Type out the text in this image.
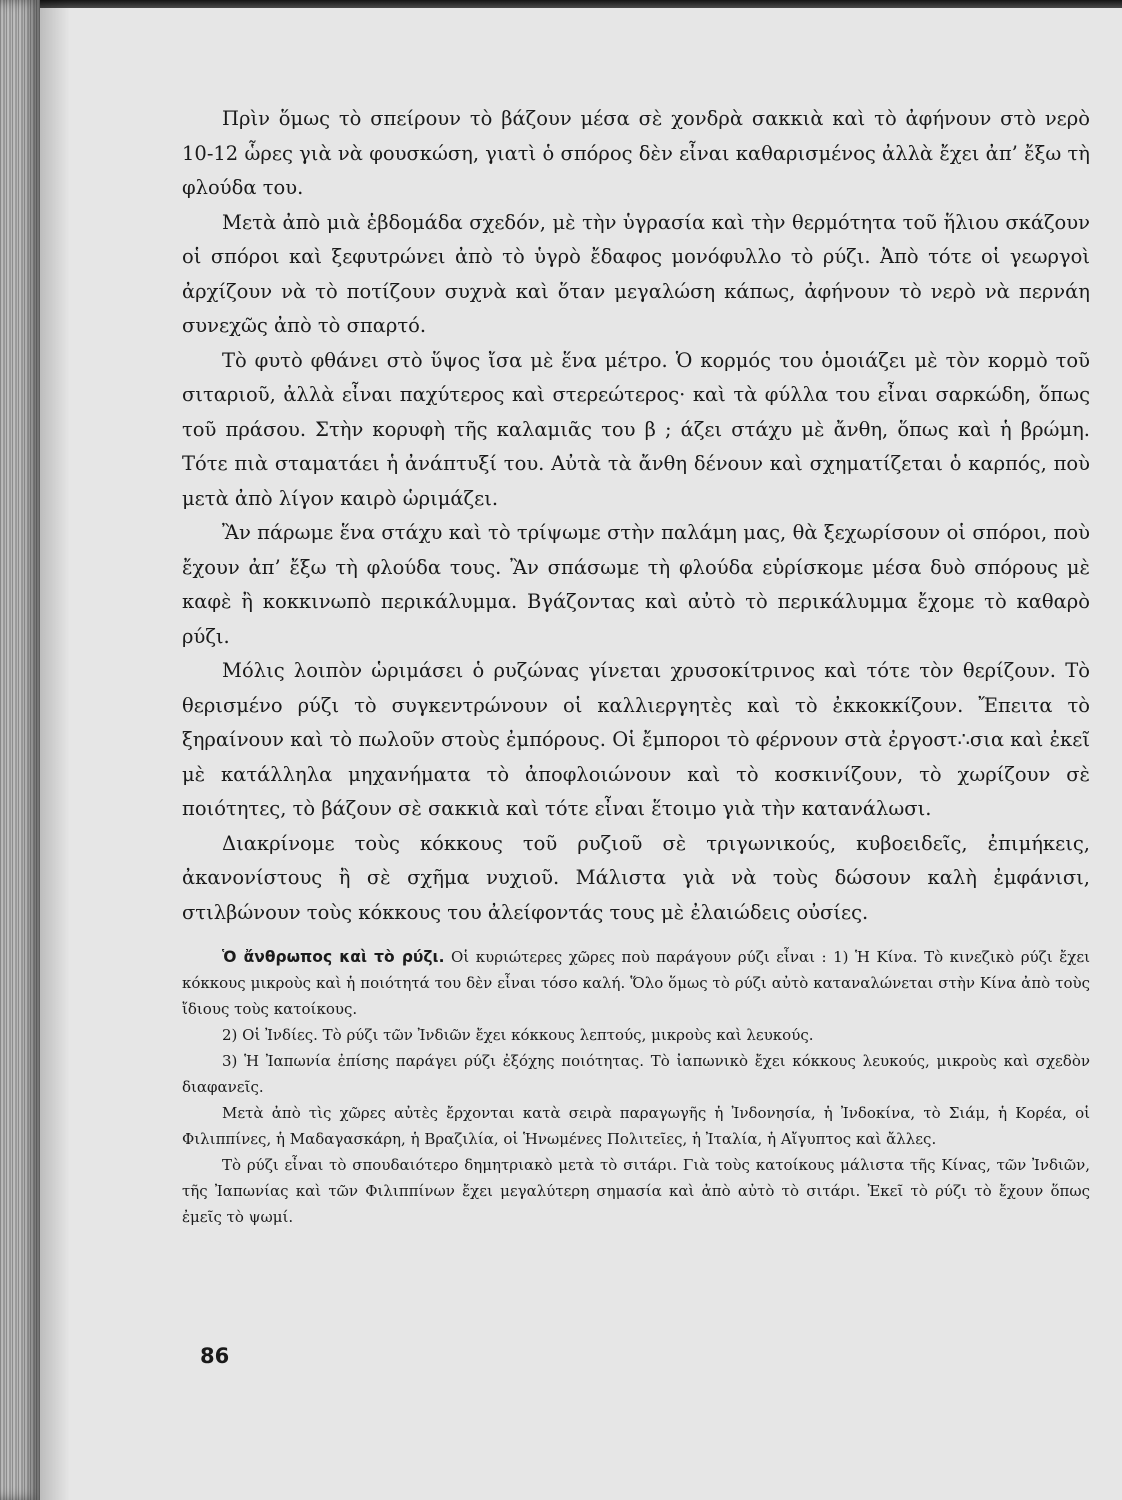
Πρὶν ὅμως τὸ σπείρουν τὸ βάζουν μέσα σὲ χονδρὰ σακκιὰ καὶ τὸ ἀφήνουν στὸ νερὸ 10-12 ὧρες γιὰ νὰ φουσκώση, γιατὶ ὁ σπόρος δὲν εἶναι καθαρισμένος ἀλλὰ ἔχει ἀπ’ ἔξω τὴ φλούδα του.

Μετὰ ἀπὸ μιὰ ἑβδομάδα σχεδόν, μὲ τὴν ὑγρασία καὶ τὴν θερμότητα τοῦ ἥλιου σκάζουν οἱ σπόροι καὶ ξεφυτρώνει ἀπὸ τὸ ὑγρὸ ἔδαφος μονόφυλλο τὸ ρύζι. Ἀπὸ τότε οἱ γεωργοὶ ἀρχίζουν νὰ τὸ ποτίζουν συχνὰ καὶ ὅταν μεγαλώση κάπως, ἀφήνουν τὸ νερὸ νὰ περνάη συνεχῶς ἀπὸ τὸ σπαρτό.

Τὸ φυτὸ φθάνει στὸ ὕψος ἴσα μὲ ἕνα μέτρο. Ὁ κορμός του ὁμοιάζει μὲ τὸν κορμὸ τοῦ σιταριοῦ, ἀλλὰ εἶναι παχύτερος καὶ στερεώτερος· καὶ τὰ φύλλα του εἶναι σαρκώδη, ὅπως τοῦ πράσου. Στὴν κορυφὴ τῆς καλαμιᾶς του β ; άζει στάχυ μὲ ἄνθη, ὅπως καὶ ἡ βρώμη. Τότε πιὰ σταματάει ἡ ἀνάπτυξί του. Αὐτὰ τὰ ἄνθη δένουν καὶ σχηματίζεται ὁ καρπός, ποὺ μετὰ ἀπὸ λίγον καιρὸ ὡριμάζει.

Ἂν πάρωμε ἕνα στάχυ καὶ τὸ τρίψωμε στὴν παλάμη μας, θὰ ξεχωρίσουν οἱ σπόροι, ποὺ ἔχουν ἀπ’ ἔξω τὴ φλούδα τους. Ἂν σπάσωμε τὴ φλούδα εὑρίσκομε μέσα δυὸ σπόρους μὲ καφὲ ἢ κοκκινωπὸ περικάλυμμα. Βγάζοντας καὶ αὐτὸ τὸ περικάλυμμα ἔχομε τὸ καθαρὸ ρύζι.

Μόλις λοιπὸν ὡριμάσει ὁ ρυζώνας γίνεται χρυσοκίτρινος καὶ τότε τὸν θερίζουν. Τὸ θερισμένο ρύζι τὸ συγκεντρώνουν οἱ καλλιεργητὲς καὶ τὸ ἐκκοκκίζουν. Ἔπειτα τὸ ξηραίνουν καὶ τὸ πωλοῦν στοὺς ἐμπόρους. Οἱ ἔμποροι τὸ φέρνουν στὰ ἐργοστ∴σια καὶ ἐκεῖ μὲ κατάλληλα μηχανήματα τὸ ἀποφλοιώνουν καὶ τὸ κοσκινίζουν, τὸ χωρίζουν σὲ ποιότητες, τὸ βάζουν σὲ σακκιὰ καὶ τότε εἶναι ἕτοιμο γιὰ τὴν κατανάλωσι.

Διακρίνομε τοὺς κόκκους τοῦ ρυζιοῦ σὲ τριγωνικούς, κυβοειδεῖς, ἐπιμήκεις, ἀκανονίστους ἢ σὲ σχῆμα νυχιοῦ. Μάλιστα γιὰ νὰ τοὺς δώσουν καλὴ ἐμφάνισι, στιλβώνουν τοὺς κόκκους του ἀλείφοντάς τους μὲ ἐλαιώδεις οὐσίες.

Ὁ ἄνθρωπος καὶ τὸ ρύζι. Οἱ κυριώτερες χῶρες ποὺ παράγουν ρύζι εἶναι : 1) Ἡ Κίνα. Τὸ κινεζικὸ ρύζι ἔχει κόκκους μικροὺς καὶ ἡ ποιότητά του δὲν εἶναι τόσο καλή. Ὅλο ὅμως τὸ ρύζι αὐτὸ καταναλώνεται στὴν Κίνα ἀπὸ τοὺς ἴδιους τοὺς κατοίκους.

2) Οἱ Ἰνδίες. Τὸ ρύζι τῶν Ἰνδιῶν ἔχει κόκκους λεπτούς, μικροὺς καὶ λευκούς.

3) Ἡ Ἰαπωνία ἐπίσης παράγει ρύζι ἐξόχης ποιότητας. Τὸ ἰαπωνικὸ ἔχει κόκκους λευκούς, μικροὺς καὶ σχεδὸν διαφανεῖς.

Μετὰ ἀπὸ τὶς χῶρες αὐτὲς ἔρχονται κατὰ σειρὰ παραγωγῆς ἡ Ἰνδονησία, ἡ Ἰνδοκίνα, τὸ Σιάμ, ἡ Κορέα, οἱ Φιλιππίνες, ἡ Μαδαγασκάρη, ἡ Βραζιλία, οἱ Ἡνωμένες Πολιτεῖες, ἡ Ἰταλία, ἡ Αἴγυπτος καὶ ἄλλες.

Τὸ ρύζι εἶναι τὸ σπουδαιότερο δημητριακὸ μετὰ τὸ σιτάρι. Γιὰ τοὺς κατοίκους μάλιστα τῆς Κίνας, τῶν Ἰνδιῶν, τῆς Ἰαπωνίας καὶ τῶν Φιλιππίνων ἔχει μεγαλύτερη σημασία καὶ ἀπὸ αὐτὸ τὸ σιτάρι. Ἐκεῖ τὸ ρύζι τὸ ἔχουν ὅπως ἐμεῖς τὸ ψωμί.

86
